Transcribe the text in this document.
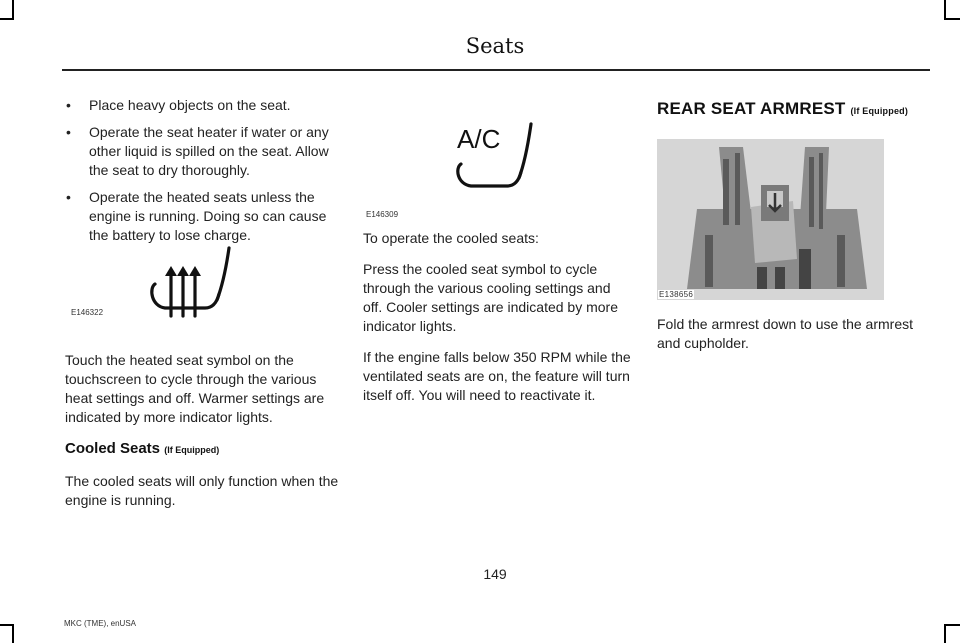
Seats
• Place heavy objects on the seat.
• Operate the seat heater if water or any other liquid is spilled on the seat. Allow the seat to dry thoroughly.
• Operate the heated seats unless the engine is running. Doing so can cause the battery to lose charge.
E146322

Touch the heated seat symbol on the touchscreen to cycle through the various heat settings and off. Warmer settings are indicated by more indicator lights.

Cooled Seats (If Equipped)

The cooled seats will only function when the engine is running.

A/C
E146309

To operate the cooled seats:

Press the cooled seat symbol to cycle through the various cooling settings and off. Cooler settings are indicated by more indicator lights.

If the engine falls below 350 RPM while the ventilated seats are on, the feature will turn itself off. You will need to reactivate it.

REAR SEAT ARMREST (If Equipped)
E138656

Fold the armrest down to use the armrest and cupholder.

149
MKC (TME), enUSA
